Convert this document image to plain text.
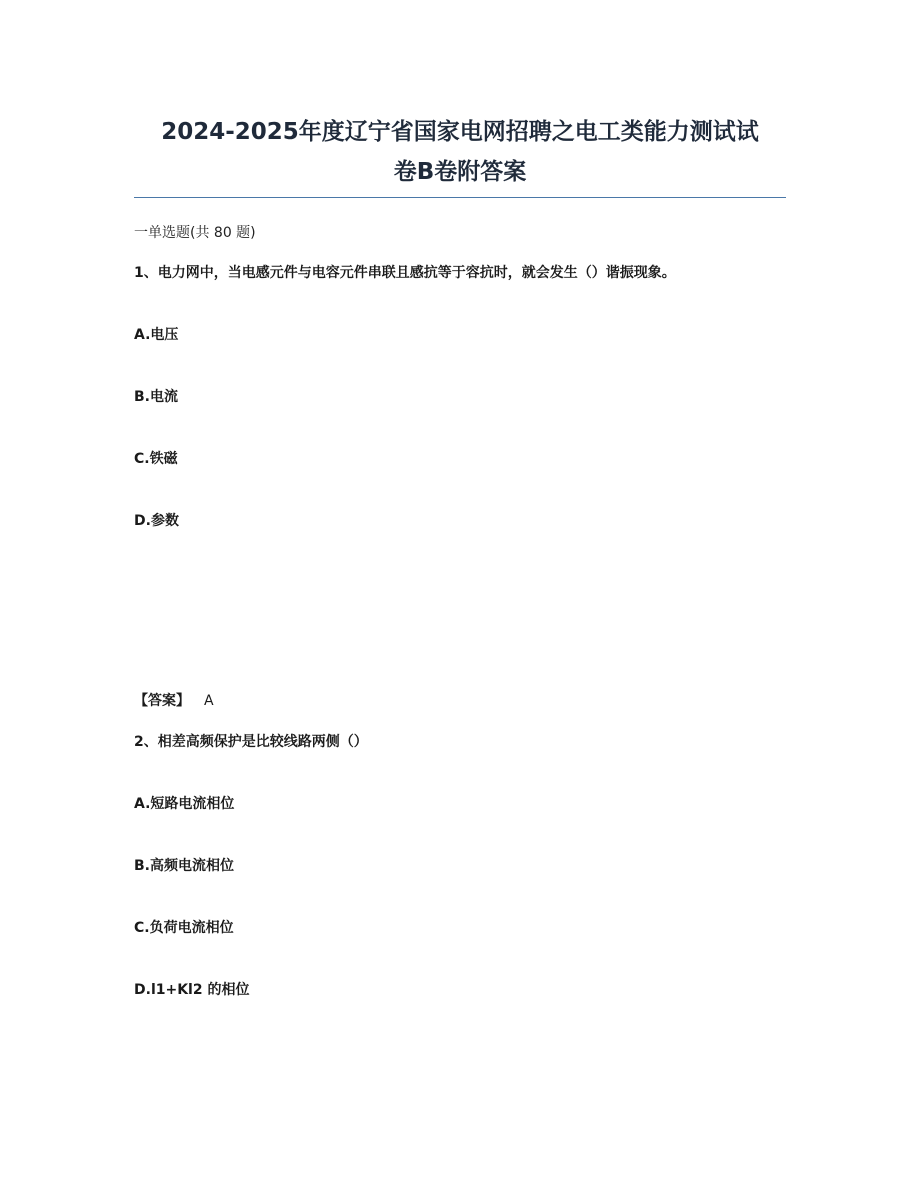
2024-2025年度辽宁省国家电网招聘之电工类能力测试试
卷B卷附答案
一单选题(共 80 题)
1、电力网中，当电感元件与电容元件串联且感抗等于容抗时，就会发生（）谐振现象。
A.电压
B.电流
C.铁磁
D.参数
【答案】 A
2、相差高频保护是比较线路两侧（）
A.短路电流相位
B.高频电流相位
C.负荷电流相位
D.l1+Kl2 的相位
